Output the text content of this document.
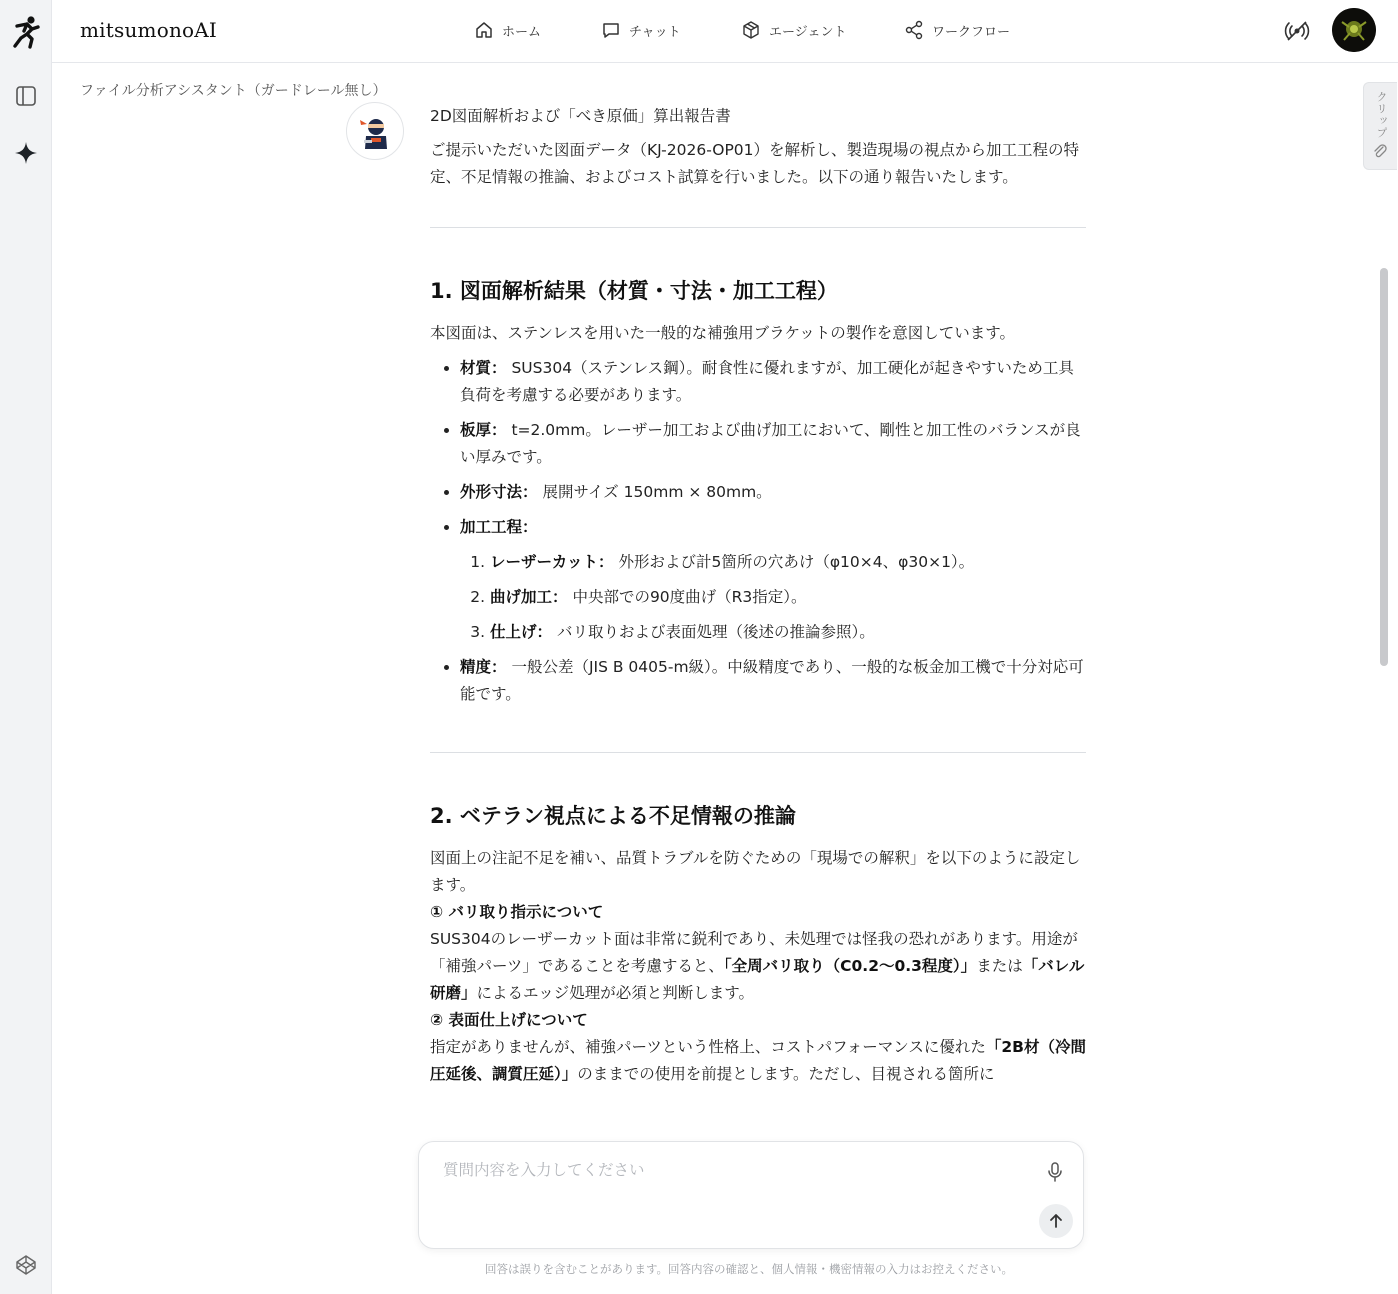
mitsumonoAI	ホーム	チャット	エージェント	ワークフロー
クリップ
ファイル分析アシスタント（ガードレール無し）

2D図面解析および「べき原価」算出報告書

ご提示いただいた図面データ（KJ-2026-OP01）を解析し、製造現場の視点から加工工程の特定、不足情報の推論、およびコスト試算を行いました。以下の通り報告いたします。

1. 図面解析結果（材質・寸法・加工工程）

本図面は、ステンレスを用いた一般的な補強用ブラケットの製作を意図しています。

• 材質： SUS304（ステンレス鋼）。耐食性に優れますが、加工硬化が起きやすいため工具負荷を考慮する必要があります。
• 板厚： t=2.0mm。レーザー加工および曲げ加工において、剛性と加工性のバランスが良い厚みです。
• 外形寸法： 展開サイズ 150mm × 80mm。
• 加工工程：
1. レーザーカット： 外形および計5箇所の穴あけ（φ10×4、φ30×1）。
2. 曲げ加工： 中央部での90度曲げ（R3指定）。
3. 仕上げ： バリ取りおよび表面処理（後述の推論参照）。
• 精度： 一般公差（JIS B 0405-m級）。中級精度であり、一般的な板金加工機で十分対応可能です。
2. ベテラン視点による不足情報の推論

図面上の注記不足を補い、品質トラブルを防ぐための「現場での解釈」を以下のように設定します。

① バリ取り指示について

SUS304のレーザーカット面は非常に鋭利であり、未処理では怪我の恐れがあります。用途が「補強パーツ」であることを考慮すると、「全周バリ取り（C0.2〜0.3程度）」または「バレル研磨」によるエッジ処理が必須と判断します。

② 表面仕上げについて

指定がありませんが、補強パーツという性格上、コストパフォーマンスに優れた「2B材（冷間圧延後、調質圧延）」のままでの使用を前提とします。ただし、目視される箇所に

質問内容を入力してください
回答は誤りを含むことがあります。回答内容の確認と、個人情報・機密情報の入力はお控えください。
